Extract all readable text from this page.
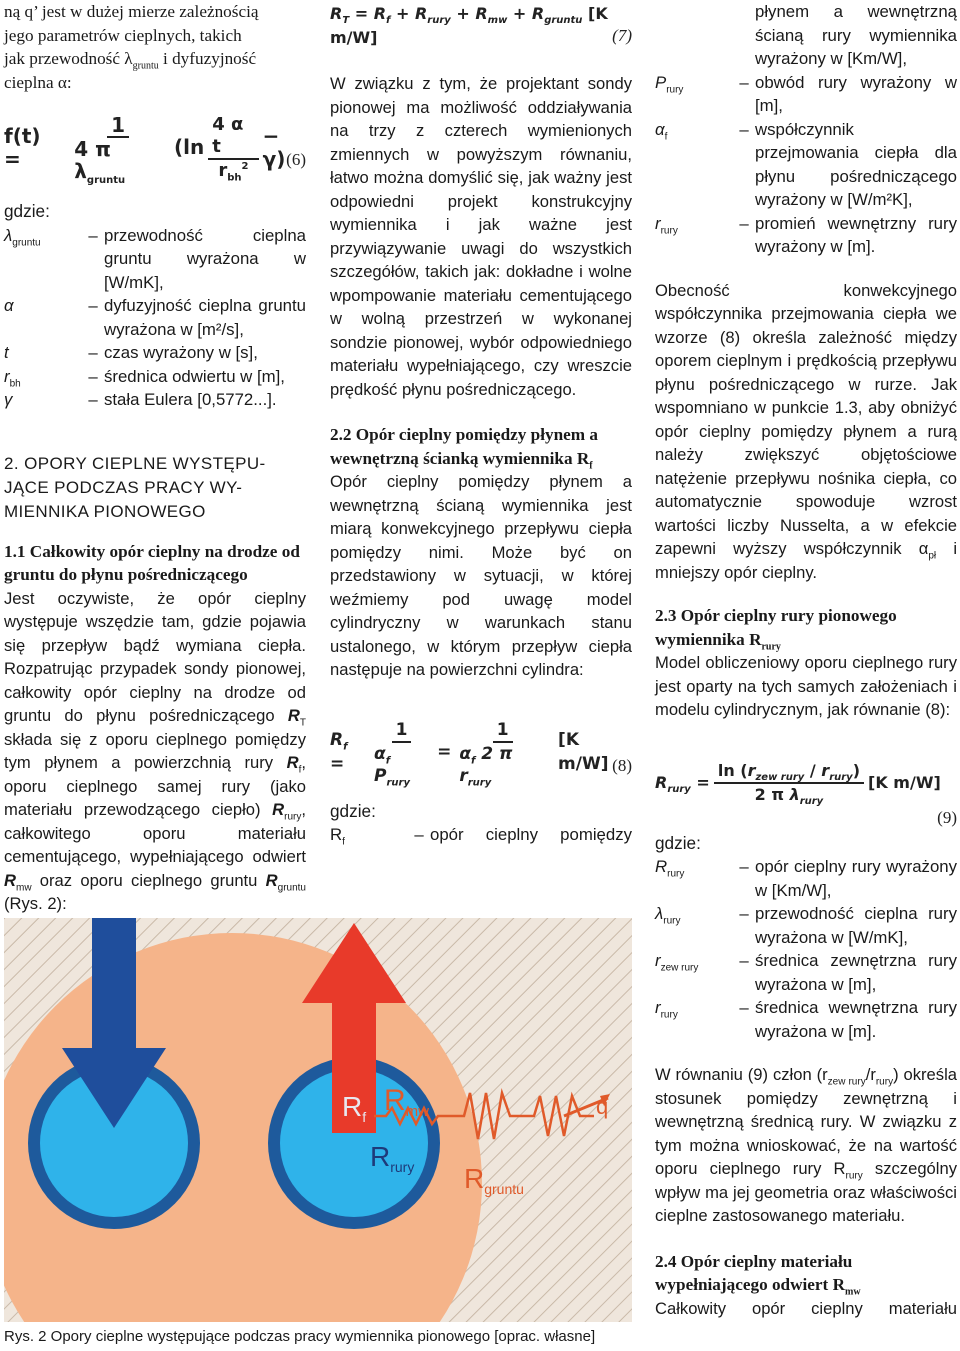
ną q’ jest w dużej mierze zależnością
jego parametrów cieplnych, takich
jak przewodność $\lambda_{gruntu}$ i dyfuzyjność
cieplna α:

f(t) =	$\frac{1}{4 \pi \lambda_{gruntu}} (\ln \frac{\text{4 α t}}{r_{bh}^2} - \gamma)$ (6)

gdzie:

$\lambda_{gruntu}$	– przewodność cieplna gruntu wyrażona w [W/mK],
α	– dyfuzyjność cieplna gruntu wyrażona w [m²/s],
t	– czas wyrażony w [s],
$r_{bh}$	– średnica odwiertu w [m],
γ	– stała Eulera [0,5772...].
2. OPORY CIEPLNE WYSTĘPU-JĄCE PODCZAS PRACY WY-MIENNIKA PIONOWEGO

1.1 Całkowity opór cieplny na drodze od gruntu do płynu pośredniczącego

Jest oczywiste, że opór cieplny występuje wszędzie tam, gdzie pojawia się przepływ bądź wymiana ciepła. Rozpatrując przypadek sondy pionowej, całkowity opór cieplny na drodze od gruntu do płynu pośredniczącego $R_T$ składa się z oporu cieplnego pomiędzy tym płynem a powierzchnią rury $R_f$, oporu cieplnego samej rury (jako materiału przewodzącego ciepło) $R_{rury}$, całkowitego oporu materiału cementującego, wypełniającego odwiert $R_{mw}$ oraz oporu cieplnego gruntu $R_{gruntu}$ (Rys. 2):

$R_T = R_f + R_{rury} + R_{mw} + R_{gruntu}$ [K m/W]	(7)

W związku z tym, że projektant sondy pionowej ma możliwość oddziaływania na trzy z czterech wymienionych zmiennych w powyższym równaniu, łatwo można domyślić się, jak ważny jest odpowiedni projekt konstrukcyjny wymiennika i jak ważne jest przywiązywanie uwagi do wszystkich szczegółów, takich jak: dokładne i wolne wpompowanie materiału cementującego w wolną przestrzeń w wykonanej sondzie pionowej, wybór odpowiedniego materiału wypełniającego, czy wreszcie prędkość płynu pośredniczącego.

2.2 Opór cieplny pomiędzy płynem a wewnętrzną ścianką wymiennika $R_f$

Opór cieplny pomiędzy płynem a wewnętrzną ścianą wymiennika jest miarą konwekcyjnego przepływu ciepła pomiędzy nimi. Może być on przedstawiony w sytuacji, w której weźmiemy pod uwagę model cylindryczny w warunkach stanu ustalonego, w którym przepływ ciepła następuje na powierzchni cylindra:

$R_f$ =	$\frac{1}{\alpha_f P_{rury}} = \frac{1}{\alpha_f 2 \pi r_{rury}} [K$ m/W] (8)

gdzie:

$R_f$	– opór cieplny pomiędzy
płynem a wewnętrzną ścianą rury wymiennika wyrażony w [Km/W],
$P_{rury}$	– obwód rury wyrażony w [m],
$\alpha_f$	– współczynnik przejmowania ciepła dla płynu pośredniczącego wyrażony w [W/m²K],
$r_{rury}$	– promień wewnętrzny rury wyrażony w [m].

Obecność konwekcyjnego współczynnika przejmowania ciepła we wzorze (8) określa zależność między oporem cieplnym i prędkością przepływu płynu pośredniczącego w rurze. Jak wspomniano w punkcie 1.3, aby obniżyć opór cieplny pomiędzy płynem a rurą należy zwiększyć objętościowe natężenie przepływu nośnika ciepła, co automatycznie spowoduje wzrost wartości liczby Nusselta, a w efekcie zapewni wyższy współczynnik $\alpha_{pł}$ i mniejszy opór cieplny.

2.3 Opór cieplny rury pionowego wymiennika $R_{rury}$

Model obliczeniowy oporu cieplnego rury jest oparty na tych samych założeniach i modelu cylindrycznym, jak równanie (8):

$R_{rury} = \frac{\ln (r_{zew rury} / r_{rury})}{2 \pi \lambda_{rury}} [K$ m/W]
(9)

gdzie:

$R_{rury}$	– opór cieplny rury wyrażony w [Km/W],
$\lambda_{rury}$	– przewodność cieplna rury wyrażona w [W/mK],
$r_{zew rury}$	– średnica zewnętrzna rury wyrażona w [m],
$r_{rury}$	– średnica wewnętrzna rury wyrażona w [m].

W równaniu (9) człon $(r_{zew rury}/r_{rury})$ określa stosunek pomiędzy zewnętrzną i wewnętrzną średnicą rury. W związku z tym można wnioskować, że na wartość oporu cieplnego rury $R_{rury}$ szczególny wpływ ma jej geometria oraz właściwości cieplne zastosowanego materiału.

2.4 Opór cieplny materiału wypełniającego odwiert $R_{mw}$

Całkowity opór cieplny materiału

$R_f$ $R_{mw}$
$R_{rury}$ $R_{gruntu}$
q
Rys. 2 Opory cieplne występujące podczas pracy wymiennika pionowego [oprac. własne]
